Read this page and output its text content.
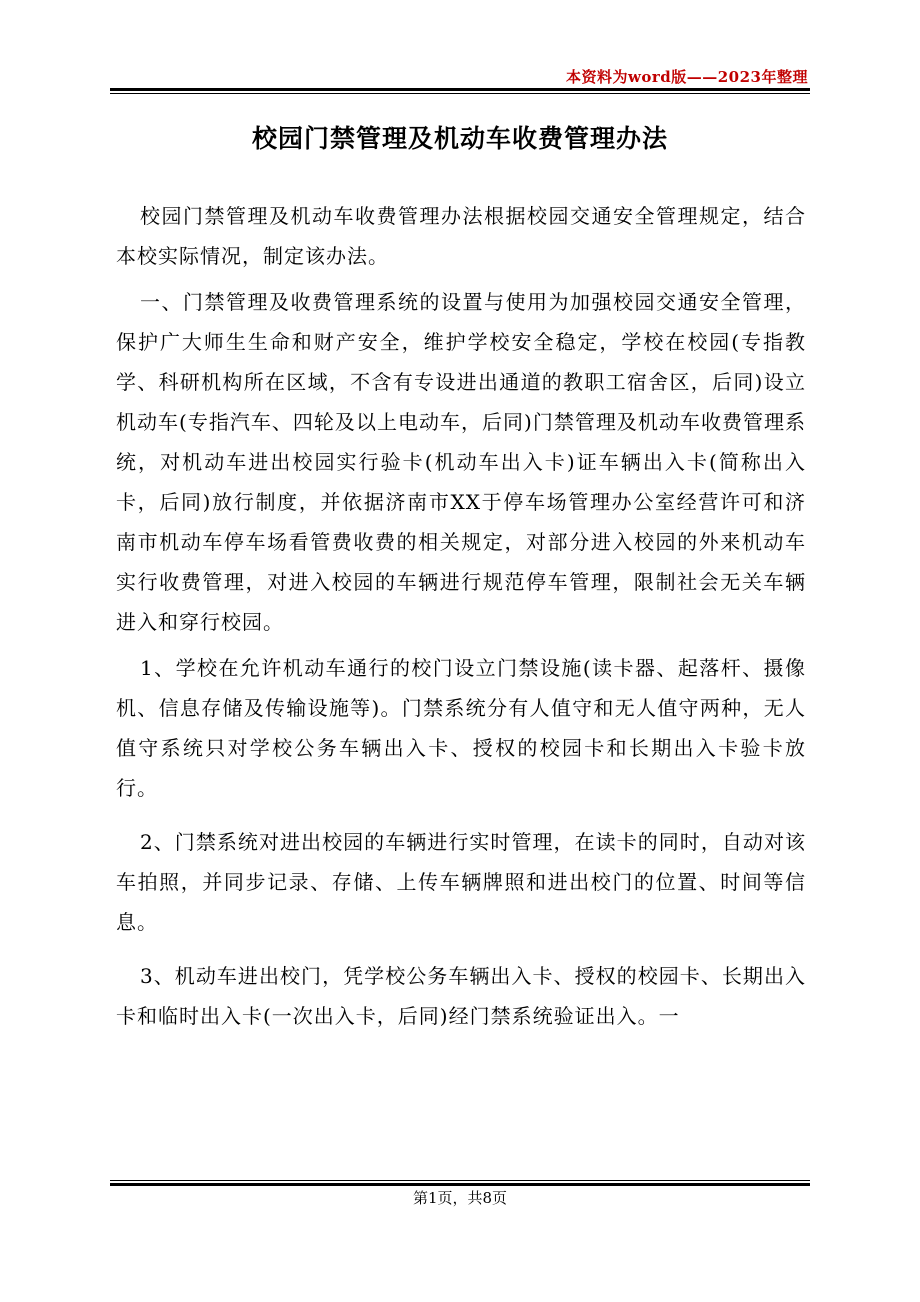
本资料为word版——2023年整理
校园门禁管理及机动车收费管理办法

校园门禁管理及机动车收费管理办法根据校园交通安全管理规定，结合本校实际情况，制定该办法。

一、门禁管理及收费管理系统的设置与使用为加强校园交通安全管理，保护广大师生生命和财产安全，维护学校安全稳定，学校在校园(专指教学、科研机构所在区域，不含有专设进出通道的教职工宿舍区，后同)设立机动车(专指汽车、四轮及以上电动车，后同)门禁管理及机动车收费管理系统，对机动车进出校园实行验卡(机动车出入卡)证车辆出入卡(简称出入卡，后同)放行制度，并依据济南市XX于停车场管理办公室经营许可和济南市机动车停车场看管费收费的相关规定，对部分进入校园的外来机动车实行收费管理，对进入校园的车辆进行规范停车管理，限制社会无关车辆进入和穿行校园。

1、学校在允许机动车通行的校门设立门禁设施(读卡器、起落杆、摄像机、信息存储及传输设施等)。门禁系统分有人值守和无人值守两种，无人值守系统只对学校公务车辆出入卡、授权的校园卡和长期出入卡验卡放行。

2、门禁系统对进出校园的车辆进行实时管理，在读卡的同时，自动对该车拍照，并同步记录、存储、上传车辆牌照和进出校门的位置、时间等信息。

3、机动车进出校门，凭学校公务车辆出入卡、授权的校园卡、长期出入卡和临时出入卡(一次出入卡，后同)经门禁系统验证出入。一

第1页，共8页
